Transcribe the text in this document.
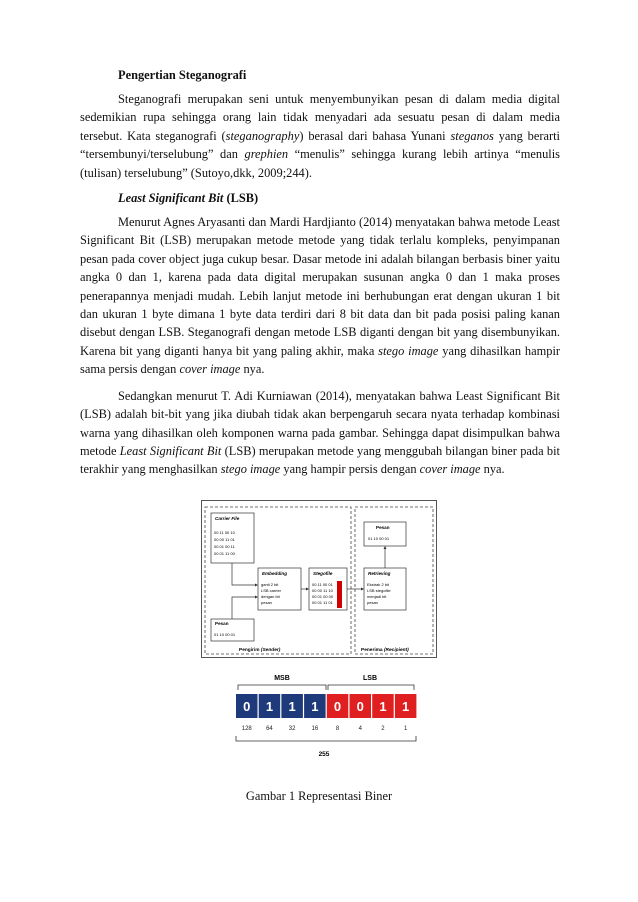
Pengertian Steganografi

Steganografi merupakan seni untuk menyembunyikan pesan di dalam media digital sedemikian rupa sehingga orang lain tidak menyadari ada sesuatu pesan di dalam media tersebut. Kata steganografi (steganography) berasal dari bahasa Yunani steganos yang berarti “tersembunyi/terselubung” dan grephien “menulis” sehingga kurang lebih artinya “menulis (tulisan) terselubung” (Sutoyo,dkk, 2009;244).

Least Significant Bit (LSB)

Menurut Agnes Aryasanti dan Mardi Hardjianto (2014) menyatakan bahwa metode Least Significant Bit (LSB) merupakan metode metode yang tidak terlalu kompleks, penyimpanan pesan pada cover object juga cukup besar. Dasar metode ini adalah bilangan berbasis biner yaitu angka 0 dan 1, karena pada data digital merupakan susunan angka 0 dan 1 maka proses penerapannya menjadi mudah. Lebih lanjut metode ini berhubungan erat dengan ukuran 1 bit dan ukuran 1 byte dimana 1 byte data terdiri dari 8 bit data dan bit pada posisi paling kanan disebut dengan LSB. Steganografi dengan metode LSB diganti dengan bit yang disembunyikan. Karena bit yang diganti hanya bit yang paling akhir, maka stego image yang dihasilkan hampir sama persis dengan cover image nya.

Sedangkan menurut T. Adi Kurniawan (2014), menyatakan bahwa Least Significant Bit (LSB) adalah bit-bit yang jika diubah tidak akan berpengaruh secara nyata terhadap kombinasi warna yang dihasilkan oleh komponen warna pada gambar. Sehingga dapat disimpulkan bahwa metode Least Significant Bit (LSB) merupakan metode yang menggubah bilangan biner pada bit terakhir yang menghasilkan stego image yang hampir persis dengan cover image nya.

Carrier File
00 11 00 10
00 00 11 01
00 01 00 11
00 01 11 00
Pesan
01 10 00 01
Embedding
ganti 2 bit
LSB carrier
dengan bit
pesan
Stegofile
00 11 00 01
00 00 11 10
00 01 00 00
00 01 11 01
Retrieving
Ekstrak 2 bit
LSB stegofile
menjadi bit
pesan
Pesan
01 10 00 01
Pengirim (Sender)	Penerima (Recipient)
MSB	LSB
0
128
1
64
1
32
1
16
0
8
0
4
1
2
1
1
255
Gambar 1 Representasi Biner
